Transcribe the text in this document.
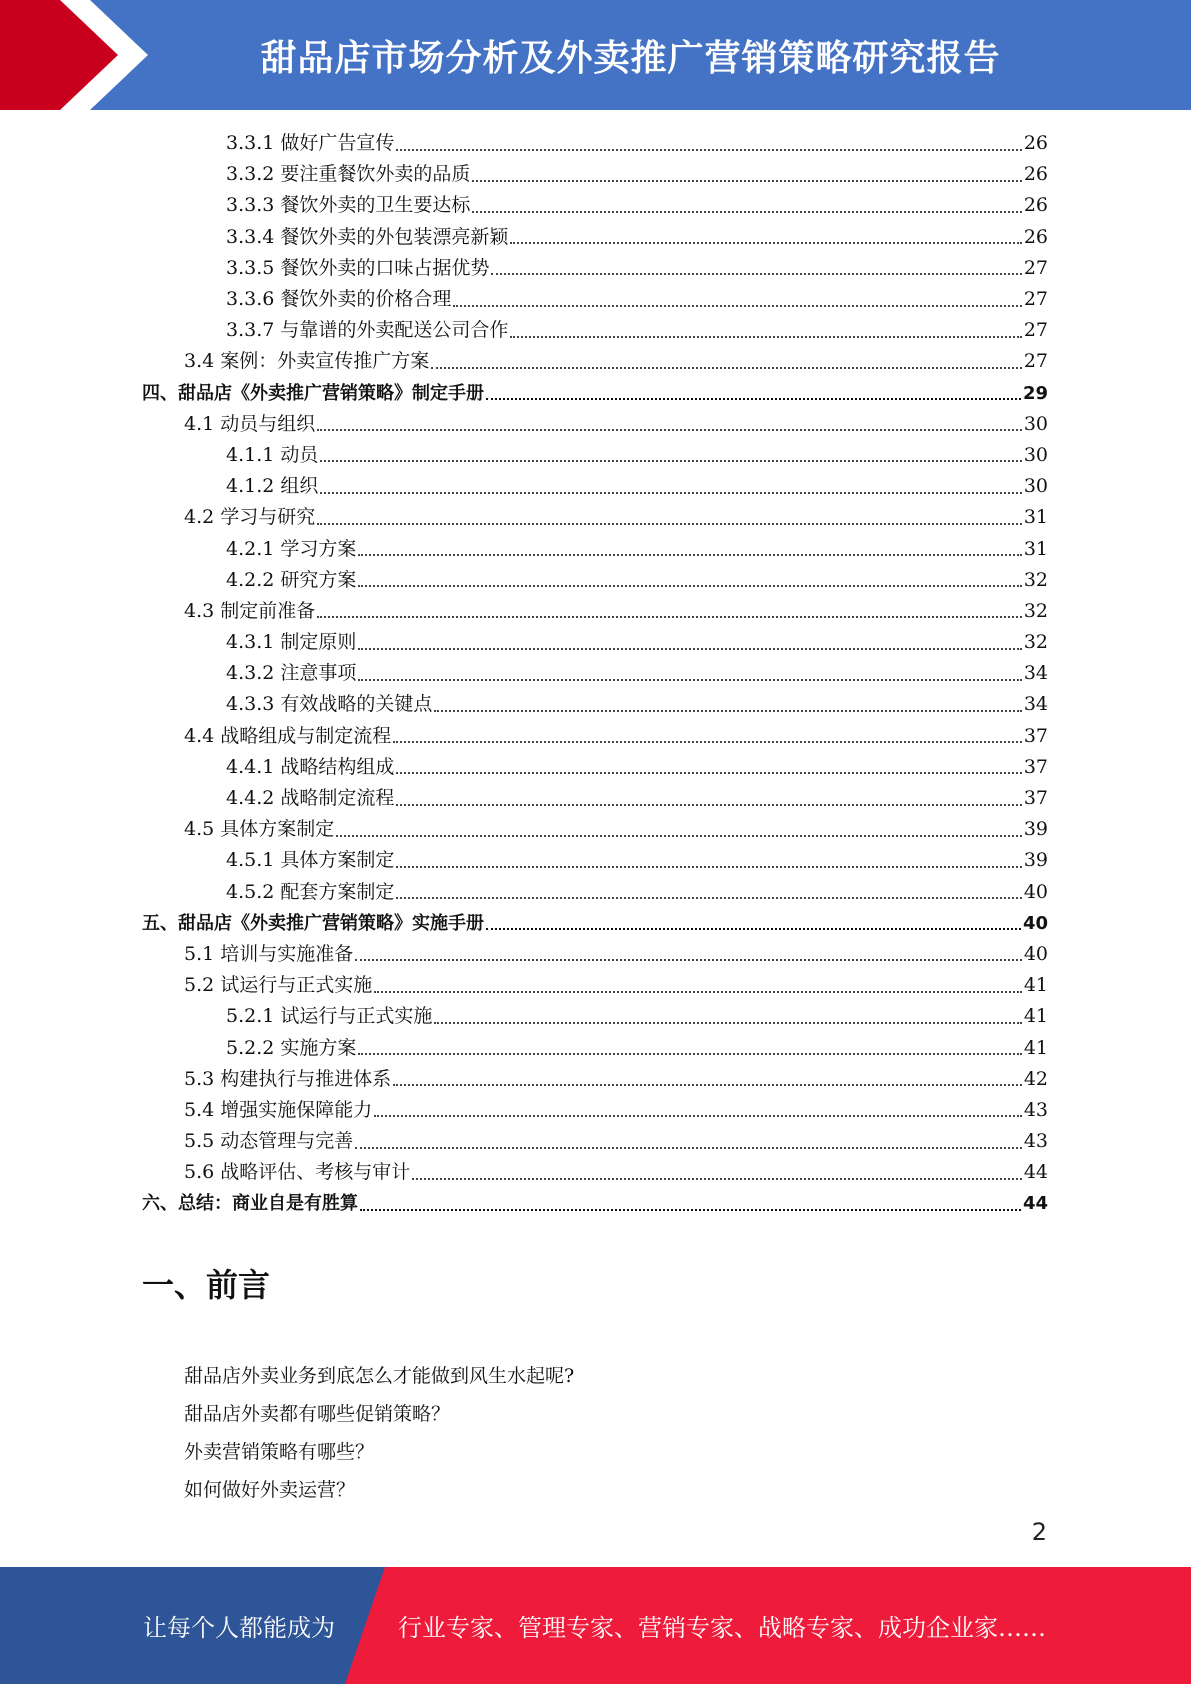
甜品店市场分析及外卖推广营销策略研究报告
3.3.1 做好广告宣传	26
3.3.2 要注重餐饮外卖的品质	26
3.3.3 餐饮外卖的卫生要达标	26
3.3.4 餐饮外卖的外包装漂亮新颖	26
3.3.5 餐饮外卖的口味占据优势	27
3.3.6 餐饮外卖的价格合理	27
3.3.7 与靠谱的外卖配送公司合作	27
3.4 案例：外卖宣传推广方案	27
四、甜品店《外卖推广营销策略》制定手册	29
4.1 动员与组织	30
4.1.1 动员	30
4.1.2 组织	30
4.2 学习与研究	31
4.2.1 学习方案	31
4.2.2 研究方案	32
4.3 制定前准备	32
4.3.1 制定原则	32
4.3.2 注意事项	34
4.3.3 有效战略的关键点	34
4.4 战略组成与制定流程	37
4.4.1 战略结构组成	37
4.4.2 战略制定流程	37
4.5 具体方案制定	39
4.5.1 具体方案制定	39
4.5.2 配套方案制定	40
五、甜品店《外卖推广营销策略》实施手册	40
5.1 培训与实施准备	40
5.2 试运行与正式实施	41
5.2.1 试运行与正式实施	41
5.2.2 实施方案	41
5.3 构建执行与推进体系	42
5.4 增强实施保障能力	43
5.5 动态管理与完善	43
5.6 战略评估、考核与审计	44
六、总结：商业自是有胜算	44
一、前言
甜品店外卖业务到底怎么才能做到风生水起呢?
甜品店外卖都有哪些促销策略？
外卖营销策略有哪些？
如何做好外卖运营？
2
让每个人都能成为	行业专家、管理专家、营销专家、战略专家、成功企业家……
